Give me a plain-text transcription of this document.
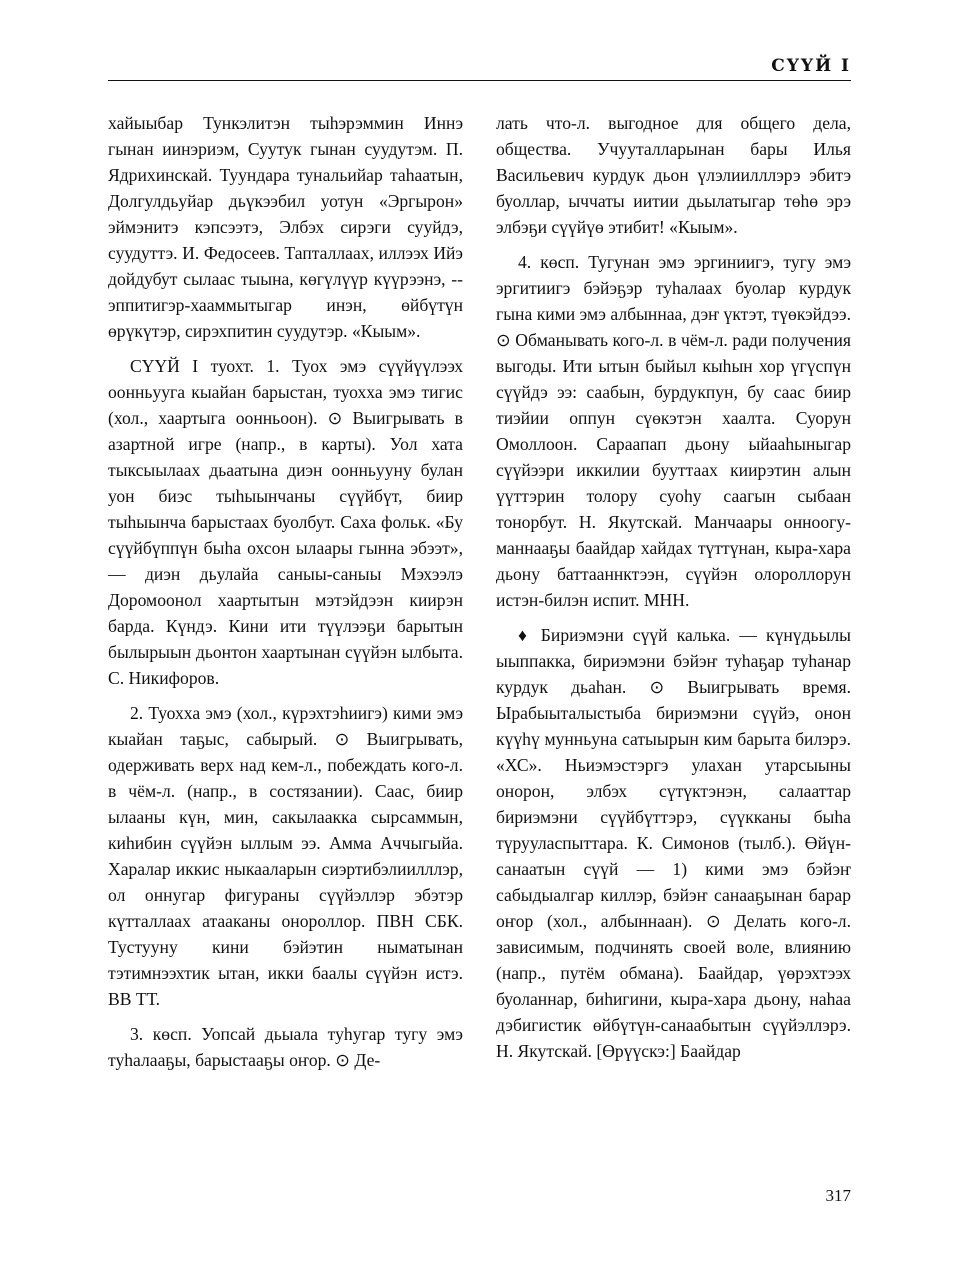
СҮҮЙ I

хайыыбар Тункэлитэн тыһэрэммин Иннэ гынан иинэриэм, Суутук гынан суудутэм. П. Ядрихинскай. Туундара тунальийар таһаатын, Долгулдьуйар дьүкээбил уотун «Эргырон» эймэнитэ кэпсээтэ, Элбэх сирэги сууйдэ, суудуттэ. И. Федосеев. Тапталлаах, иллээх Ийэ дойдубут сылаас тыына, көгүлүүр күүрээнэ, -- эппитигэр-хааммытыгар инэн, өйбүтүн өрүкүтэр, сирэхпитин суудутэр. «Кыым».

СҮҮЙ I туохт. 1. Туох эмэ сүүйүүлээх оонньууга кыайан барыстан, туохха эмэ тигис (хол., хаартыга оонньоон). ⊙ Выигрывать в азартной игре (напр., в карты). Уол хата тыксыылаах дьаатына диэн оонньууну булан уон биэс тыһыынчаны сүүйбүт, биир тыһыынча барыстаах буолбут. Саха фольк. «Бу сүүйбүппүн быһа охсон ылаары гынна эбээт», — диэн дьулайа саныы-саныы Мэхээлэ Доромоонол хаартытын мэтэйдээн киирэн барда. Күндэ. Кини ити түүлээҕи барытын былырыын дьонтон хаартынан сүүйэн ылбыта. С. Никифоров.

2. Туохха эмэ (хол., күрэхтэһиигэ) кими эмэ кыайан таҕыс, сабырый. ⊙ Выигрывать, одерживать верх над кем-л., побеждать кого-л. в чём-л. (напр., в состязании). Саас, биир ылааны күн, мин, сакылаакка сырсаммын, киһибин сүүйэн ыллым ээ. Амма Аччыгыйа. Харалар иккис ныкааларын сиэртибэлиилллэр, ол оннугар фигураны сүүйэллэр эбэтэр күтталлаах атааканы онороллор. ПВН СБК. Тустууну кини бэйэтин ныматынан тэтимнээхтик ытан, икки баалы сүүйэн истэ. ВВ ТТ.

3. көсп. Уопсай дьыала туһугар тугу эмэ туһалааҕы, барыстааҕы оҥор. ⊙ Де-

лать что-л. выгодное для общего дела, общества. Учууталларынан бары Илья Васильевич курдук дьон үлэлиилллэрэ эбитэ буоллар, ыччаты иитии дьылатыгар төһө эрэ элбэҕи сүүйүө этибит! «Кыым».

4. көсп. Тугунан эмэ эргиниигэ, тугу эмэ эргитиигэ бэйэҕэр туһалаах буолар курдук гына кими эмэ албыннаа, дэҥ үктэт, түөкэйдээ. ⊙ Обманывать кого-л. в чём-л. ради получения выгоды. Ити ытын быйыл кыһын хор үгүспүн сүүйдэ ээ: саабын, бурдукпун, бу саас биир тиэйии оппун сүөкэтэн хаалта. Суорун Омоллоон. Сараапап дьону ыйааһыныгар сүүйээри иккилии бууттаах киирэтин алын үүттэрин толору суоһу саагын сыбаан тонорбут. Н. Якутскай. Манчаары онноогу-маннааҕы баайдар хайдах түттүнан, кыра-хара дьону баттааннктээн, сүүйэн олороллорун истэн-билэн испит. МНН.

♦ Бириэмэни сүүй калька. — күнүдьылы ыыппакка, бириэмэни бэйэҥ туһаҕар туһанар курдук дьаһан. ⊙ Выигрывать время. Ырабыыталыстыба бириэмэни сүүйэ, онон күүһү мунньуна сатыырын ким барыта билэрэ. «ХС». Ньиэмэстэргэ улахан утарсыыны онорон, элбэх сүтүктэнэн, салааттар бириэмэни сүүйбүттэрэ, сүүкканы быһа түрууласпыттара. К. Симонов (тылб.). Өйүн-санаатын сүүй — 1) кими эмэ бэйэҥ сабыдыалгар киллэр, бэйэҥ санааҕынан барар оҥор (хол., албыннаан). ⊙ Делать кого-л. зависимым, подчинять своей воле, влиянию (напр., путём обмана). Баайдар, үөрэхтээх буоланнар, биһигини, кыра-хара дьону, наһаа дэбигистик өйбүтүн-санаабытын сүүйэллэрэ. Н. Якутскай. [Өрүүскэ:] Баайдар

317
